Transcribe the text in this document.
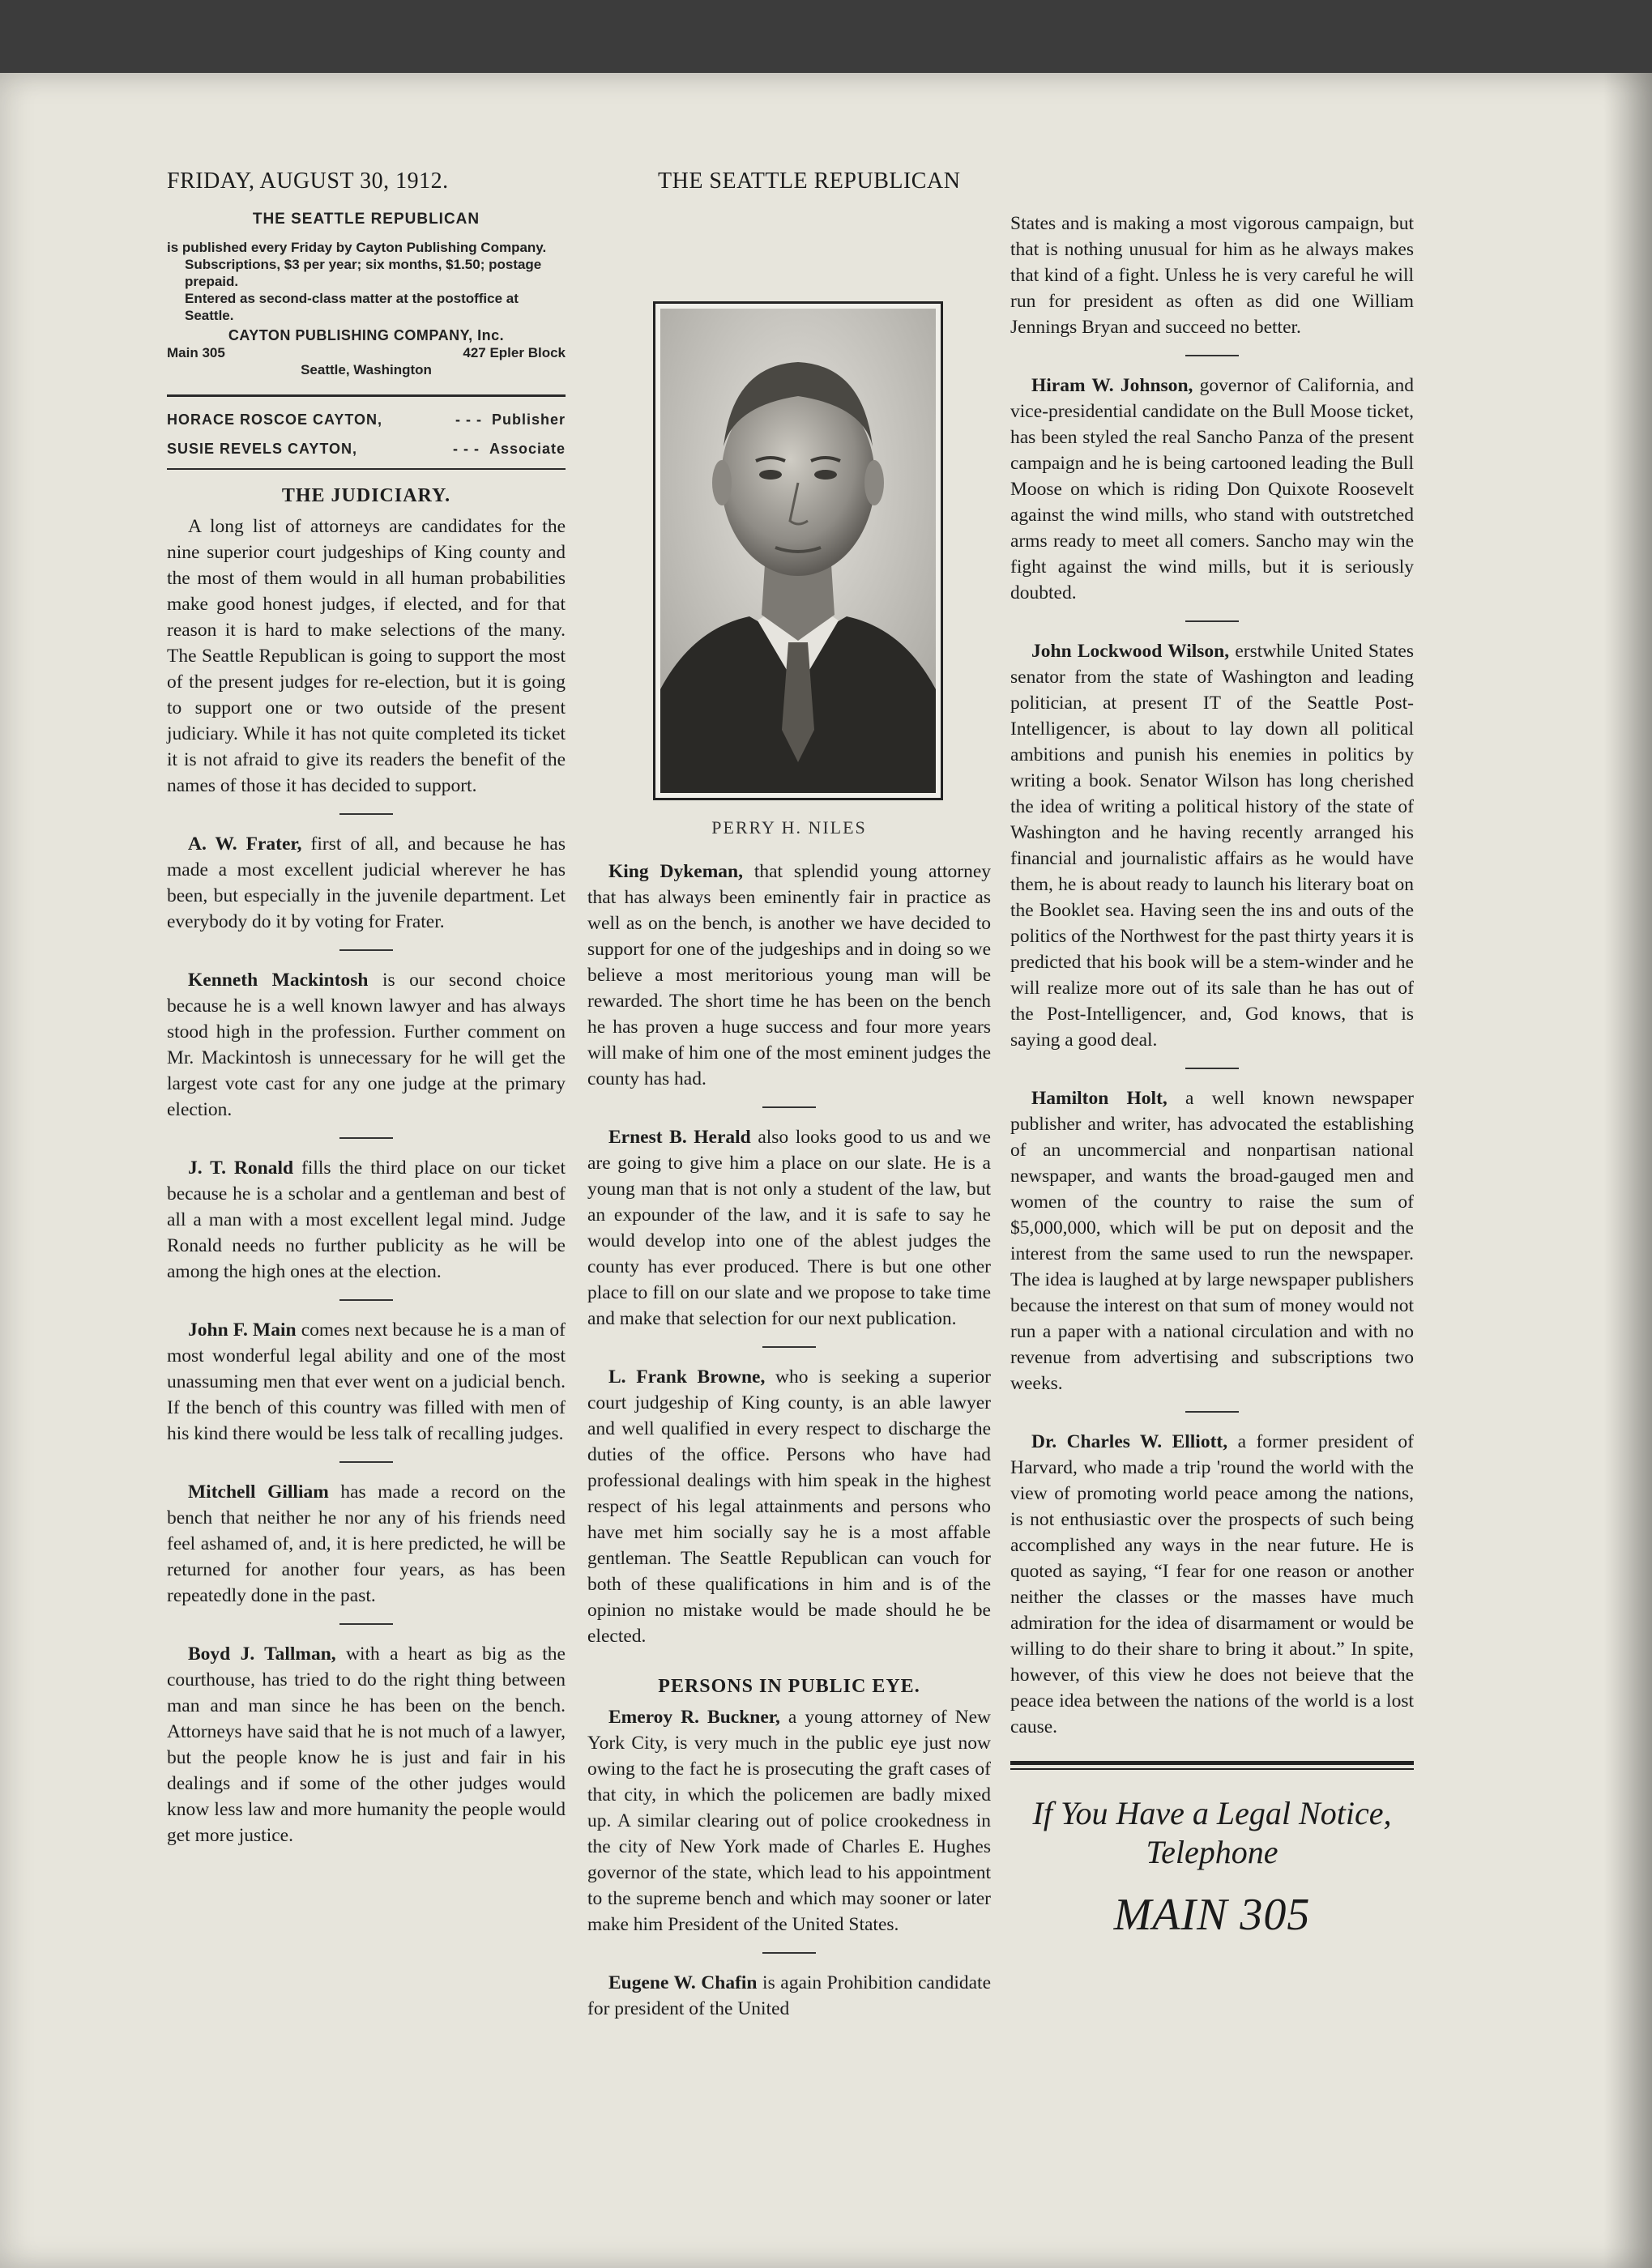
FRIDAY, AUGUST 30, 1912.	THE SEATTLE REPUBLICAN
THE SEATTLE REPUBLICAN

is published every Friday by Cayton Publishing Company.

Subscriptions, $3 per year; six months, $1.50; postage prepaid.

Entered as second-class matter at the postoffice at Seattle.

CAYTON PUBLISHING COMPANY, Inc.
Main 305	427 Epler Block
Seattle, Washington
HORACE ROSCOE CAYTON,	- - - Publisher
SUSIE REVELS CAYTON,	- - - Associate
THE JUDICIARY.

A long list of attorneys are candidates for the nine superior court judgeships of King county and the most of them would in all human probabilities make good honest judges, if elected, and for that reason it is hard to make selections of the many. The Seattle Republican is going to support the most of the present judges for re-election, but it is going to support one or two outside of the present judiciary. While it has not quite completed its ticket it is not afraid to give its readers the benefit of the names of those it has decided to support.

A. W. Frater, first of all, and because he has made a most excellent judicial wherever he has been, but especially in the juvenile department. Let everybody do it by voting for Frater.

Kenneth Mackintosh is our second choice because he is a well known lawyer and has always stood high in the profession. Further comment on Mr. Mackintosh is unnecessary for he will get the largest vote cast for any one judge at the primary election.

J. T. Ronald fills the third place on our ticket because he is a scholar and a gentleman and best of all a man with a most excellent legal mind. Judge Ronald needs no further publicity as he will be among the high ones at the election.

John F. Main comes next because he is a man of most wonderful legal ability and one of the most unassuming men that ever went on a judicial bench. If the bench of this country was filled with men of his kind there would be less talk of recalling judges.

Mitchell Gilliam has made a record on the bench that neither he nor any of his friends need feel ashamed of, and, it is here predicted, he will be returned for another four years, as has been repeatedly done in the past.

Boyd J. Tallman, with a heart as big as the courthouse, has tried to do the right thing between man and man since he has been on the bench. Attorneys have said that he is not much of a lawyer, but the people know he is just and fair in his dealings and if some of the other judges would know less law and more humanity the people would get more justice.

PERRY H. NILES

King Dykeman, that splendid young attorney that has always been eminently fair in practice as well as on the bench, is another we have decided to support for one of the judgeships and in doing so we believe a most meritorious young man will be rewarded. The short time he has been on the bench he has proven a huge success and four more years will make of him one of the most eminent judges the county has had.

Ernest B. Herald also looks good to us and we are going to give him a place on our slate. He is a young man that is not only a student of the law, but an expounder of the law, and it is safe to say he would develop into one of the ablest judges the county has ever produced. There is but one other place to fill on our slate and we propose to take time and make that selection for our next publication.

L. Frank Browne, who is seeking a superior court judgeship of King county, is an able lawyer and well qualified in every respect to discharge the duties of the office. Persons who have had professional dealings with him speak in the highest respect of his legal attainments and persons who have met him socially say he is a most affable gentleman. The Seattle Republican can vouch for both of these qualifications in him and is of the opinion no mistake would be made should he be elected.

PERSONS IN PUBLIC EYE.

Emeroy R. Buckner, a young attorney of New York City, is very much in the public eye just now owing to the fact he is prosecuting the graft cases of that city, in which the policemen are badly mixed up. A similar clearing out of police crookedness in the city of New York made of Charles E. Hughes governor of the state, which lead to his appointment to the supreme bench and which may sooner or later make him President of the United States.

Eugene W. Chafin is again Prohibition candidate for president of the United

States and is making a most vigorous campaign, but that is nothing unusual for him as he always makes that kind of a fight. Unless he is very careful he will run for president as often as did one William Jennings Bryan and succeed no better.

Hiram W. Johnson, governor of California, and vice-presidential candidate on the Bull Moose ticket, has been styled the real Sancho Panza of the present campaign and he is being cartooned leading the Bull Moose on which is riding Don Quixote Roosevelt against the wind mills, who stand with outstretched arms ready to meet all comers. Sancho may win the fight against the wind mills, but it is seriously doubted.

John Lockwood Wilson, erstwhile United States senator from the state of Washington and leading politician, at present IT of the Seattle Post-Intelligencer, is about to lay down all political ambitions and punish his enemies in politics by writing a book. Senator Wilson has long cherished the idea of writing a political history of the state of Washington and he having recently arranged his financial and journalistic affairs as he would have them, he is about ready to launch his literary boat on the Booklet sea. Having seen the ins and outs of the politics of the Northwest for the past thirty years it is predicted that his book will be a stem-winder and he will realize more out of its sale than he has out of the Post-Intelligencer, and, God knows, that is saying a good deal.

Hamilton Holt, a well known newspaper publisher and writer, has advocated the establishing of an uncommercial and nonpartisan national newspaper, and wants the broad-gauged men and women of the country to raise the sum of $5,000,000, which will be put on deposit and the interest from the same used to run the newspaper. The idea is laughed at by large newspaper publishers because the interest on that sum of money would not run a paper with a national circulation and with no revenue from advertising and subscriptions two weeks.

Dr. Charles W. Elliott, a former president of Harvard, who made a trip 'round the world with the view of promoting world peace among the nations, is not enthusiastic over the prospects of such being accomplished any ways in the near future. He is quoted as saying, “I fear for one reason or another neither the classes or the masses have much admiration for the idea of disarmament or would be willing to do their share to bring it about.” In spite, however, of this view he does not beieve that the peace idea between the nations of the world is a lost cause.

If You Have a Legal Notice,
Telephone
MAIN 305
